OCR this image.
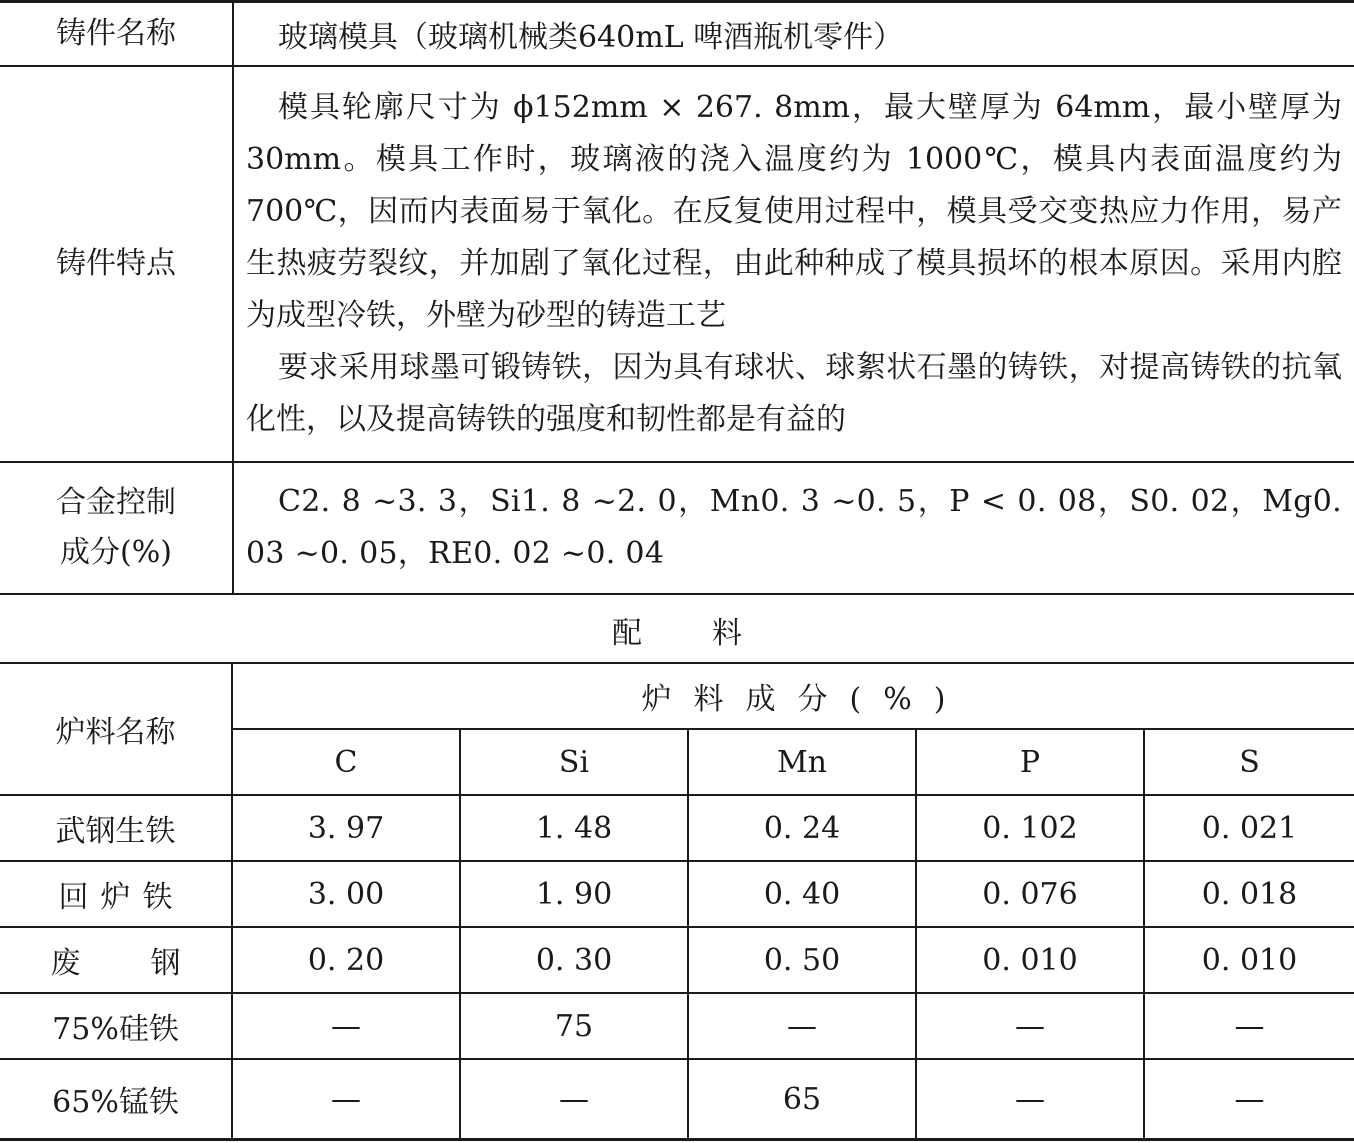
铸件名称	玻璃模具（玻璃机械类640mL 啤酒瓶机零件）
铸件特点	模具轮廓尺寸为 ϕ152mm × 267. 8mm，最大壁厚为 64mm，最小壁厚为 30mm。模具工作时，玻璃液的浇入温度约为 1000℃，模具内表面温度约为 700℃，因而内表面易于氧化。在反复使用过程中，模具受交变热应力作用，易产生热疲劳裂纹，并加剧了氧化过程，由此种种成了模具损坏的根本原因。采用内腔为成型冷铁，外壁为砂型的铸造工艺
要求采用球墨可锻铸铁，因为具有球状、球絮状石墨的铸铁，对提高铸铁的抗氧化性，以及提高铸铁的强度和韧性都是有益的

合金控制
成分(%)	C2. 8 ~3. 3，Si1. 8 ~2. 0，Mn0. 3 ~0. 5，P < 0. 08，S0. 02，Mg0. 03 ~0. 05，RE0. 02 ~0. 04
配料
炉料名称	炉料成分(%)				
	C	Si	Mn	P	S
武钢生铁	3. 97	1. 48	0. 24	0. 102	0. 021
回炉铁	3. 00	1. 90	0. 40	0. 076	0. 018
废钢	0. 20	0. 30	0. 50	0. 010	0. 010
75%硅铁	—	75	—	—	—
65%锰铁	—	—	65	—	—
